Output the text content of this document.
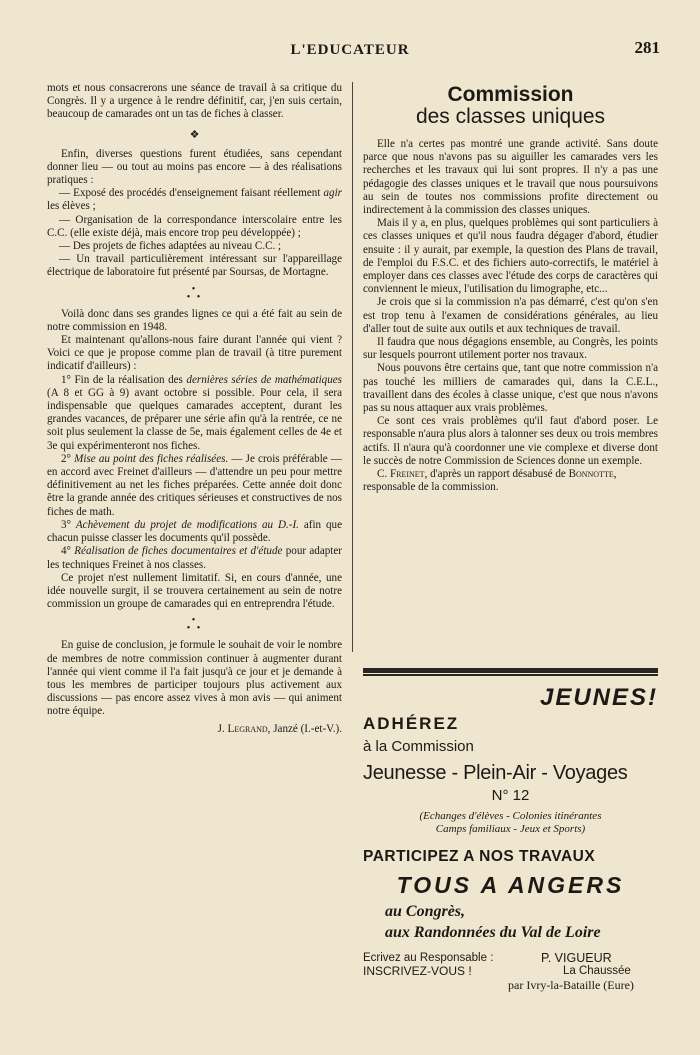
L'EDUCATEUR	281

mots et nous consacrerons une séance de travail à sa critique du Congrès. Il y a urgence à le rendre définitif, car, j'en suis certain, beaucoup de camarades ont un tas de fiches à classer.

❖

Enfin, diverses questions furent étudiées, sans cependant donner lieu — ou tout au moins pas encore — à des réalisations pratiques :

— Exposé des procédés d'enseignement faisant réellement agir les élèves ;

— Organisation de la correspondance interscolaire entre les C.C. (elle existe déjà, mais encore trop peu développée) ;

— Des projets de fiches adaptées au niveau C.C. ;

— Un travail particulièrement intéressant sur l'appareillage électrique de laboratoire fut présenté par Soursas, de Mortagne.

•
• •

Voilà donc dans ses grandes lignes ce qui a été fait au sein de notre commission en 1948.

Et maintenant qu'allons-nous faire durant l'année qui vient ? Voici ce que je propose comme plan de travail (à titre purement indicatif d'ailleurs) :

1° Fin de la réalisation des dernières séries de mathématiques (A 8 et GG à 9) avant octobre si possible. Pour cela, il sera indispensable que quelques camarades acceptent, durant les grandes vacances, de préparer une série afin qu'à la rentrée, ce ne soit plus seulement la classe de 5e, mais également celles de 4e et 3e qui expérimenteront nos fiches.

2° Mise au point des fiches réalisées. — Je crois préférable — en accord avec Freinet d'ailleurs — d'attendre un peu pour mettre définitivement au net les fiches préparées. Cette année doit donc être la grande année des critiques sérieuses et constructives de nos fiches de math.

3° Achèvement du projet de modifications au D.-I. afin que chacun puisse classer les documents qu'il possède.

4° Réalisation de fiches documentaires et d'étude pour adapter les techniques Freinet à nos classes.

Ce projet n'est nullement limitatif. Si, en cours d'année, une idée nouvelle surgit, il se trouvera certainement au sein de notre commission un groupe de camarades qui en entreprendra l'étude.

•
• •

En guise de conclusion, je formule le souhait de voir le nombre de membres de notre commission continuer à augmenter durant l'année qui vient comme il l'a fait jusqu'à ce jour et je demande à tous les membres de participer toujours plus activement aux discussions — pas encore assez vives à mon avis — qui animent notre équipe.

J. Legrand, Janzé (I.-et-V.).
Commission
des classes uniques

Elle n'a certes pas montré une grande activité. Sans doute parce que nous n'avons pas su aiguiller les camarades vers les recherches et les travaux qui lui sont propres. Il n'y a pas une pédagogie des classes uniques et le travail que nous poursuivons au sein de toutes nos commissions profite directement ou indirectement à la commission des classes uniques.

Mais il y a, en plus, quelques problèmes qui sont particuliers à ces classes uniques et qu'il nous faudra dégager d'abord, étudier ensuite : il y aurait, par exemple, la question des Plans de travail, de l'emploi du F.S.C. et des fichiers auto-correctifs, le matériel à employer dans ces classes avec l'étude des corps de caractères qui conviennent le mieux, l'utilisation du limographe, etc...

Je crois que si la commission n'a pas démarré, c'est qu'on s'en est trop tenu à l'examen de considérations générales, au lieu d'aller tout de suite aux outils et aux techniques de travail.

Il faudra que nous dégagions ensemble, au Congrès, les points sur lesquels pourront utilement porter nos travaux.

Nous pouvons être certains que, tant que notre commission n'a pas touché les milliers de camarades qui, dans la C.E.L., travaillent dans des écoles à classe unique, c'est que nous n'avons pas su nous attaquer aux vrais problèmes.

Ce sont ces vrais problèmes qu'il faut d'abord poser. Le responsable n'aura plus alors à talonner ses deux ou trois membres actifs. Il n'aura qu'à coordonner une vie complexe et diverse dont le succès de notre Commission de Sciences donne un exemple.

C. Freinet, d'après un rapport désabusé de Bonnotte, responsable de la commission.

JEUNES!
ADHÉREZ
à la Commission
Jeunesse - Plein-Air - Voyages
N° 12
(Echanges d'élèves - Colonies itinérantes
Camps familiaux - Jeux et Sports)
PARTICIPEZ A NOS TRAVAUX
TOUS A ANGERS
au Congrès,
aux Randonnées du Val de Loire
Ecrivez au Responsable :
INSCRIVEZ-VOUS !
P. VIGUEUR
La Chaussée
par Ivry-la-Bataille (Eure)
